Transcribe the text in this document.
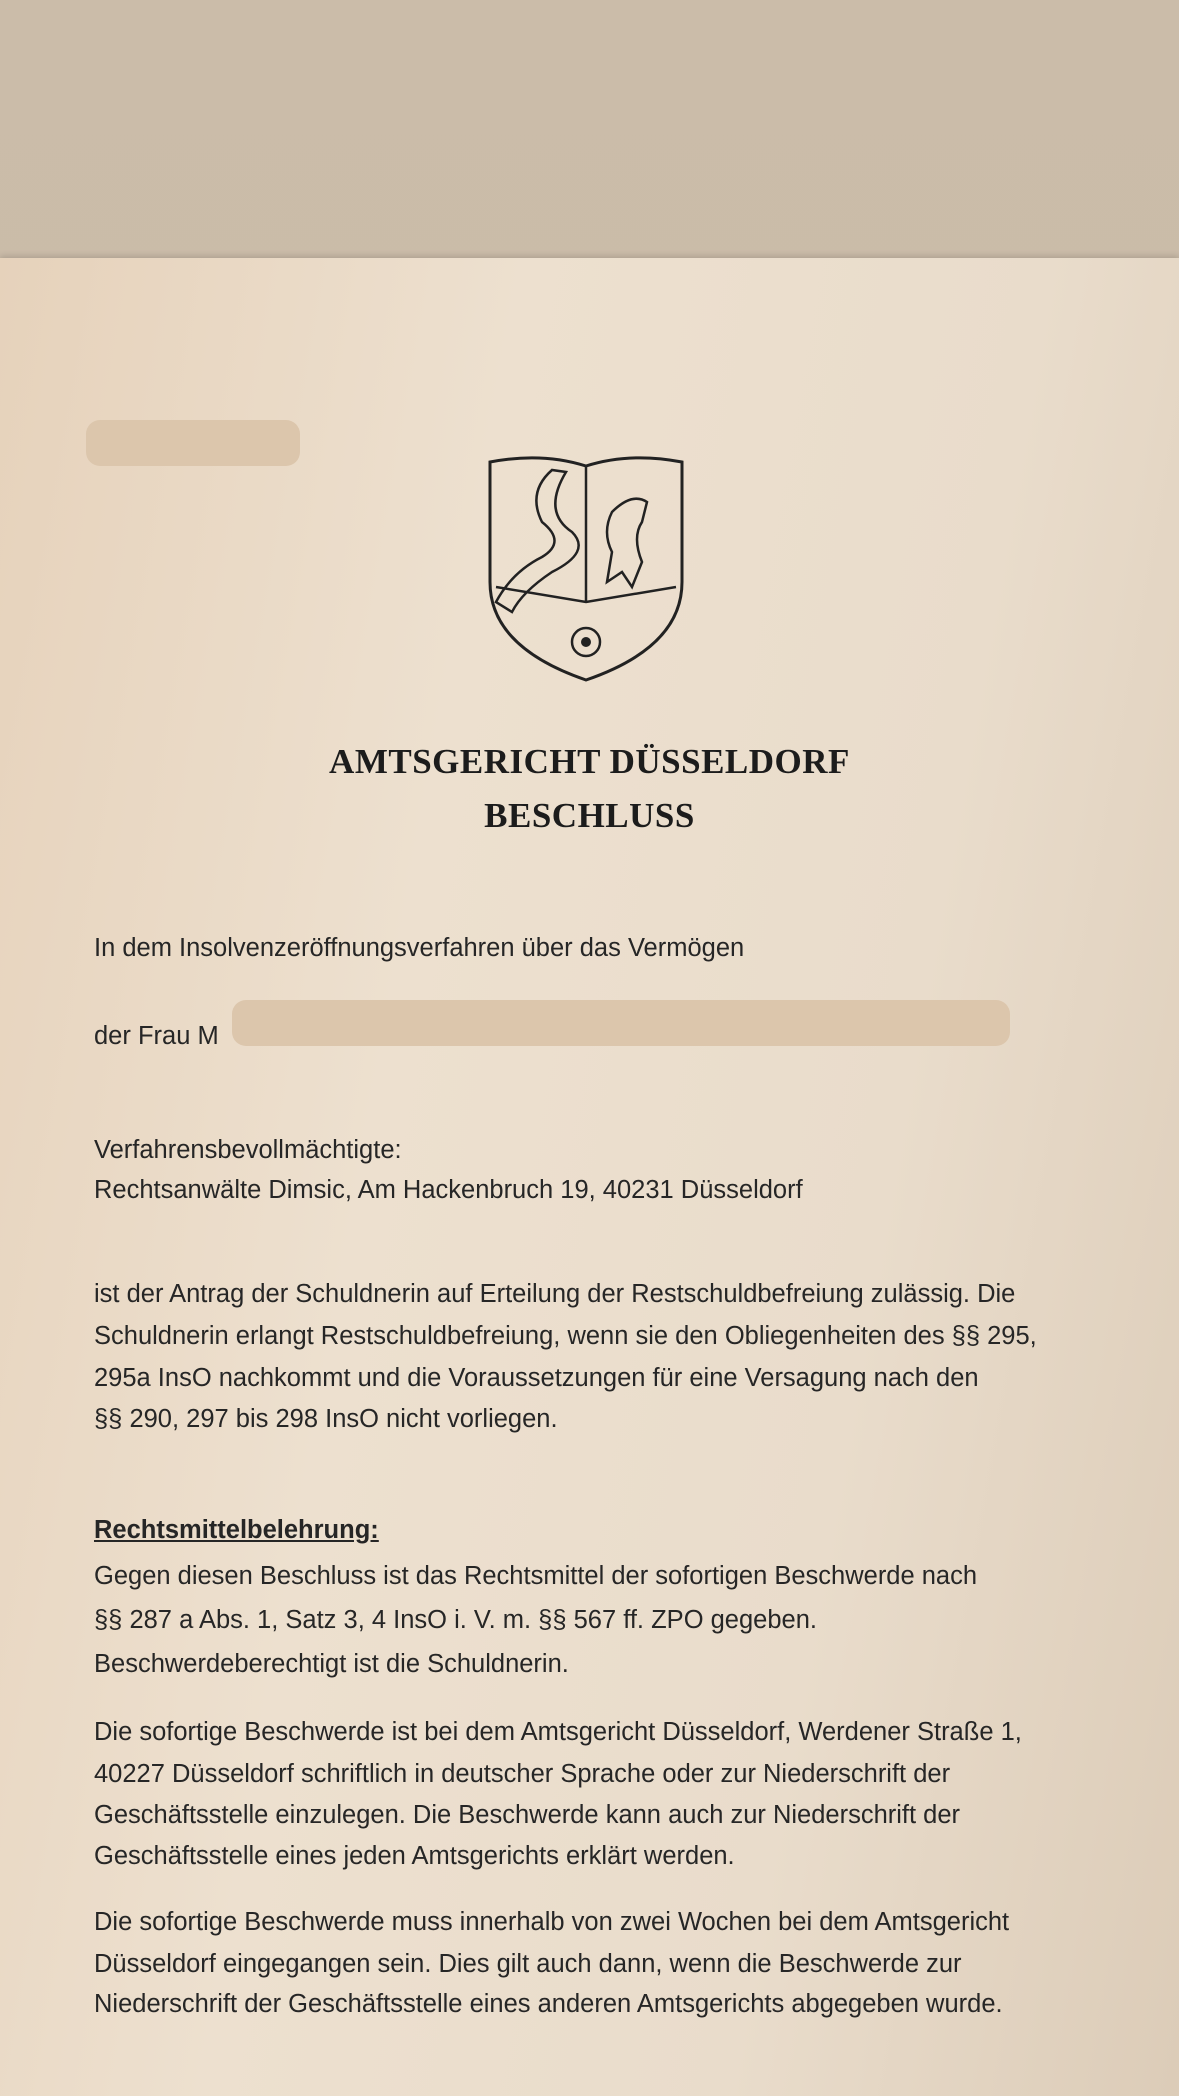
AMTSGERICHT DÜSSELDORF
BESCHLUSS
In dem Insolvenzeröffnungsverfahren über das Vermögen
der Frau M
Verfahrensbevollmächtigte:
Rechtsanwälte Dimsic, Am Hackenbruch 19, 40231 Düsseldorf
ist der Antrag der Schuldnerin auf Erteilung der Restschuldbefreiung zulässig. Die
Schuldnerin erlangt Restschuldbefreiung, wenn sie den Obliegenheiten des §§ 295,
295a InsO nachkommt und die Voraussetzungen für eine Versagung nach den
§§ 290, 297 bis 298 InsO nicht vorliegen.
Rechtsmittelbelehrung:
Gegen diesen Beschluss ist das Rechtsmittel der sofortigen Beschwerde nach
§§ 287 a Abs. 1, Satz 3, 4 InsO i. V. m. §§ 567 ff. ZPO gegeben.
Beschwerdeberechtigt ist die Schuldnerin.
Die sofortige Beschwerde ist bei dem Amtsgericht Düsseldorf, Werdener Straße 1,
40227 Düsseldorf schriftlich in deutscher Sprache oder zur Niederschrift der
Geschäftsstelle einzulegen. Die Beschwerde kann auch zur Niederschrift der
Geschäftsstelle eines jeden Amtsgerichts erklärt werden.
Die sofortige Beschwerde muss innerhalb von zwei Wochen bei dem Amtsgericht
Düsseldorf eingegangen sein. Dies gilt auch dann, wenn die Beschwerde zur
Niederschrift der Geschäftsstelle eines anderen Amtsgerichts abgegeben wurde.
